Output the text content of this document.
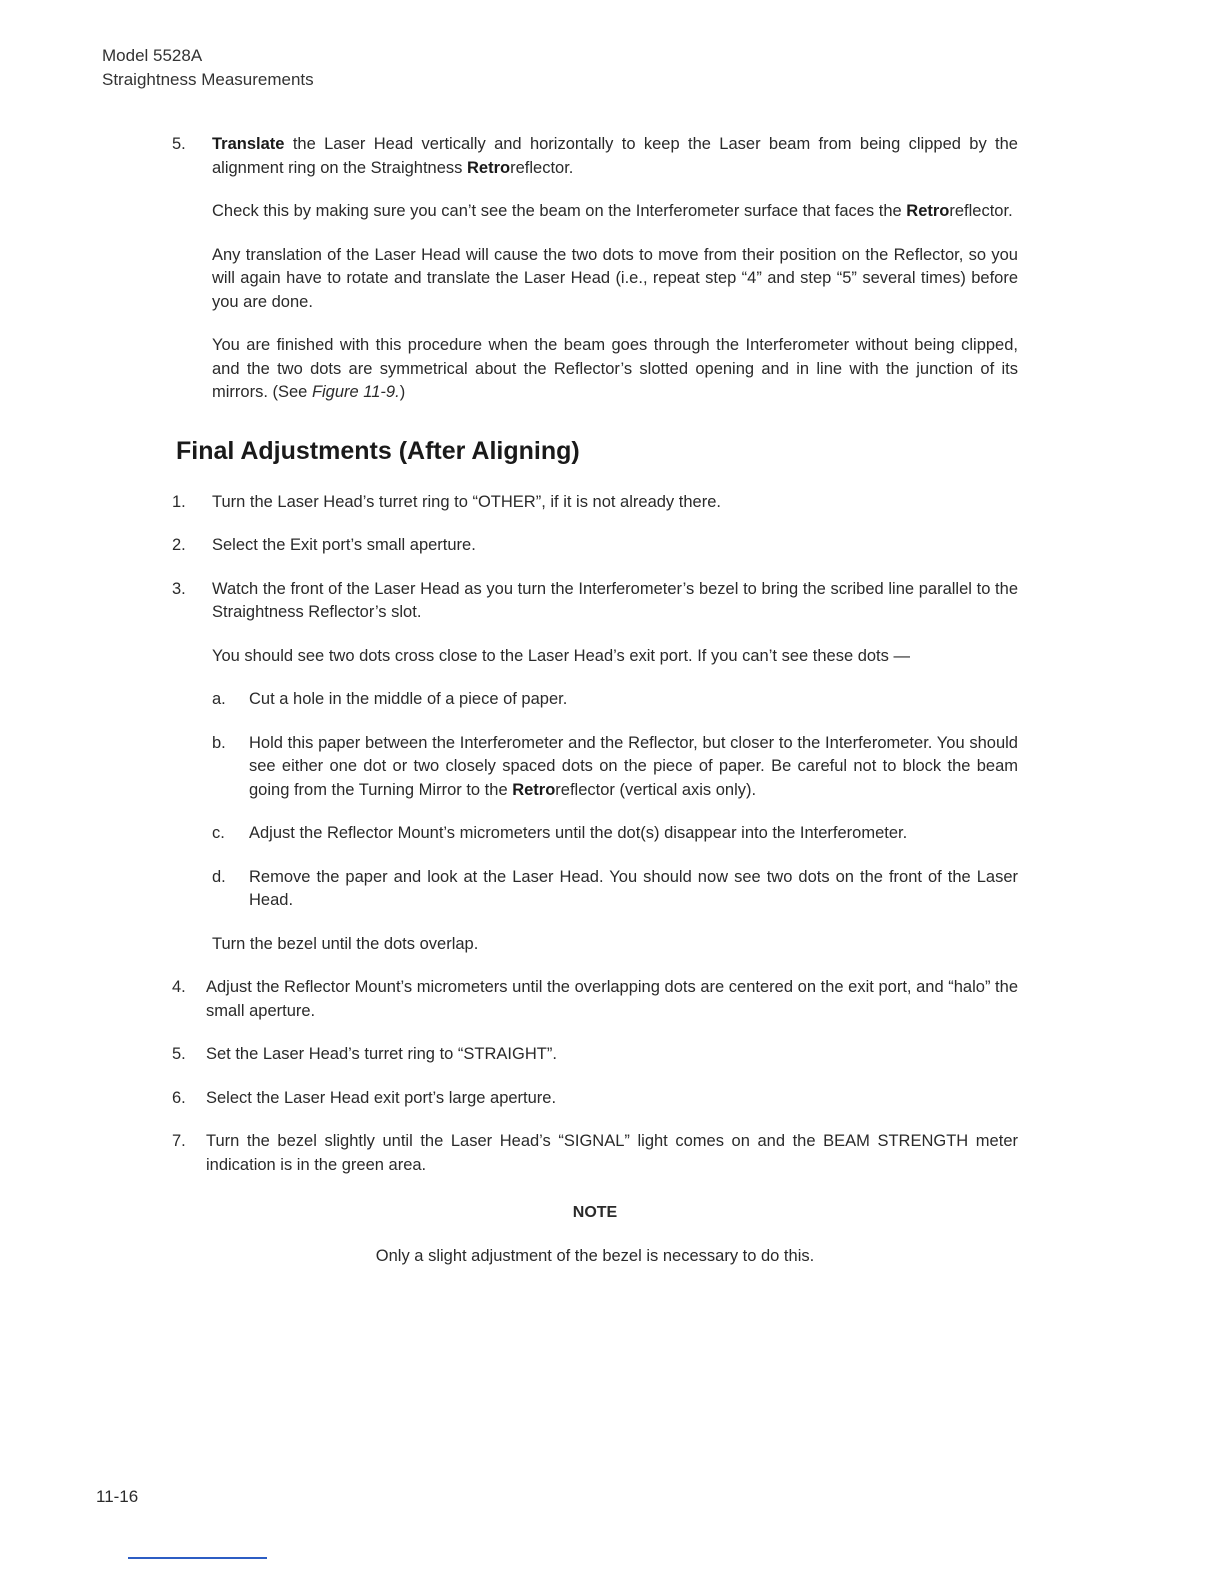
Model 5528A
Straightness Measurements
5.	Translate the Laser Head vertically and horizontally to keep the Laser beam from being clipped by the alignment ring on the Straightness Retroreflector.

Check this by making sure you can’t see the beam on the Interferometer surface that faces the Retroreflector.

Any translation of the Laser Head will cause the two dots to move from their position on the Reflector, so you will again have to rotate and translate the Laser Head (i.e., repeat step “4” and step “5” several times) before you are done.

You are finished with this procedure when the beam goes through the Interferometer without being clipped, and the two dots are symmetrical about the Reflector’s slotted opening and in line with the junction of its mirrors. (See Figure 11-9.)

Final Adjustments (After Aligning)
1.	Turn the Laser Head’s turret ring to “OTHER”, if it is not already there.

2.	Select the Exit port’s small aperture.

3.	Watch the front of the Laser Head as you turn the Interferometer’s bezel to bring the scribed line parallel to the Straightness Reflector’s slot.

You should see two dots cross close to the Laser Head’s exit port. If you can’t see these dots —

a. Cut a hole in the middle of a piece of paper.
b. Hold this paper between the Interferometer and the Reflector, but closer to the Interferometer. You should see either one dot or two closely spaced dots on the piece of paper. Be careful not to block the beam going from the Turning Mirror to the Retroreflector (vertical axis only).
c. Adjust the Reflector Mount’s micrometers until the dot(s) disappear into the Interferometer.
d. Remove the paper and look at the Laser Head. You should now see two dots on the front of the Laser Head.

Turn the bezel until the dots overlap.

4.	Adjust the Reflector Mount’s micrometers until the overlapping dots are centered on the exit port, and “halo” the small aperture.

5.	Set the Laser Head’s turret ring to “STRAIGHT”.

6.	Select the Laser Head exit port’s large aperture.

7.	Turn the bezel slightly until the Laser Head’s “SIGNAL” light comes on and the BEAM STRENGTH meter indication is in the green area.

NOTE

Only a slight adjustment of the bezel is necessary to do this.

11-16
